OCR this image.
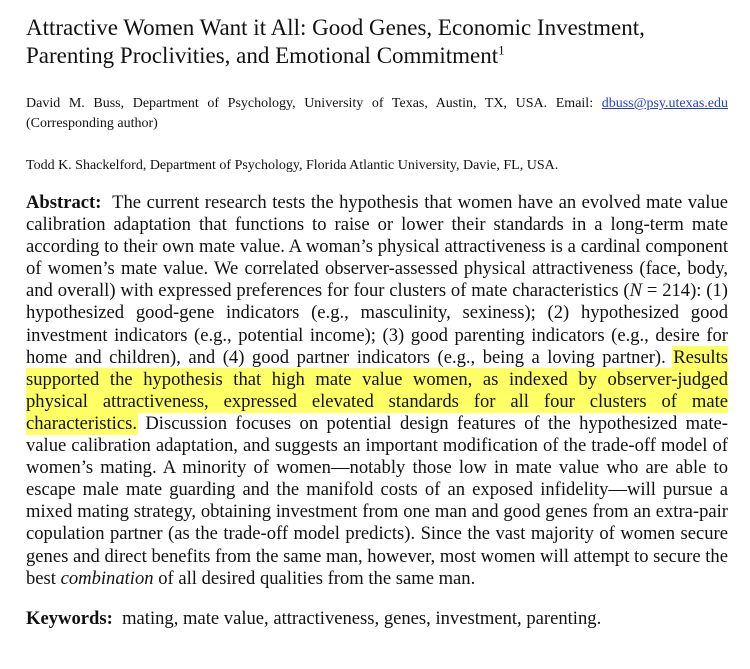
Attractive Women Want it All: Good Genes, Economic Investment, Parenting Proclivities, and Emotional Commitment$^1$

David M. Buss, Department of Psychology, University of Texas, Austin, TX, USA. Email: dbuss@psy.utexas.edu (Corresponding author)

Todd K. Shackelford, Department of Psychology, Florida Atlantic University, Davie, FL, USA.

Abstract: The current research tests the hypothesis that women have an evolved mate value calibration adaptation that functions to raise or lower their standards in a long-term mate according to their own mate value. A woman’s physical attractiveness is a cardinal component of women’s mate value. We correlated observer-assessed physical attractiveness (face, body, and overall) with expressed preferences for four clusters of mate characteristics (N = 214): (1) hypothesized good-gene indicators (e.g., masculinity, sexiness); (2) hypothesized good investment indicators (e.g., potential income); (3) good parenting indicators (e.g., desire for home and children), and (4) good partner indicators (e.g., being a loving partner). Results supported the hypothesis that high mate value women, as indexed by observer-judged physical attractiveness, expressed elevated standards for all four clusters of mate characteristics. Discussion focuses on potential design features of the hypothesized mate-value calibration adaptation, and suggests an important modification of the trade-off model of women’s mating. A minority of women—notably those low in mate value who are able to escape male mate guarding and the manifold costs of an exposed infidelity—will pursue a mixed mating strategy, obtaining investment from one man and good genes from an extra-pair copulation partner (as the trade-off model predicts). Since the vast majority of women secure genes and direct benefits from the same man, however, most women will attempt to secure the best combination of all desired qualities from the same man.

Keywords: mating, mate value, attractiveness, genes, investment, parenting.
